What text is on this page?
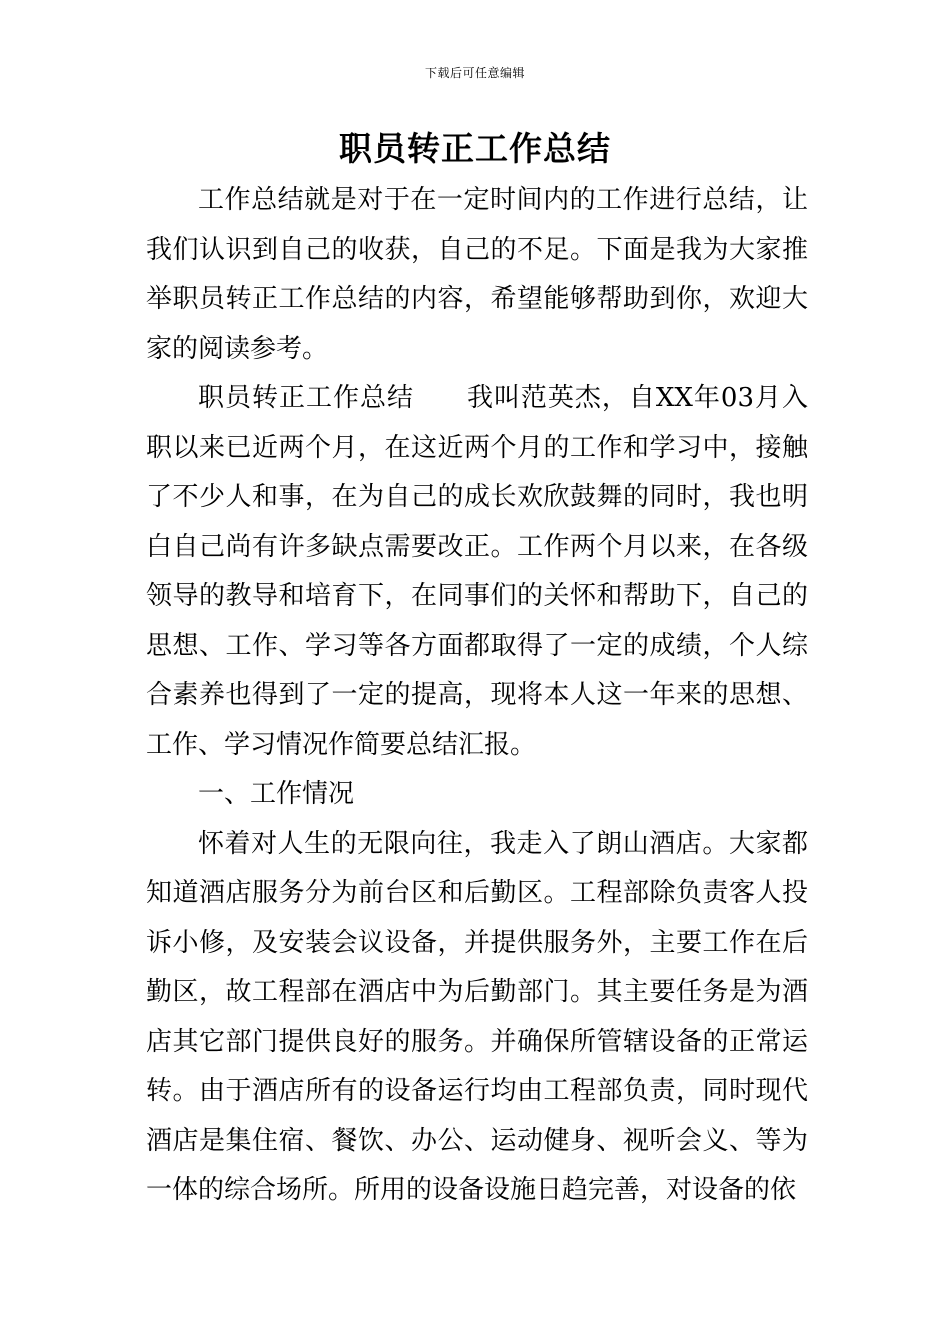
下载后可任意编辑
职员转正工作总结

工作总结就是对于在一定时间内的工作进行总结，让我们认识到自己的收获，自己的不足。下面是我为大家推举职员转正工作总结的内容，希望能够帮助到你，欢迎大家的阅读参考。

职员转正工作总结 我叫范英杰，自XX年03月入职以来已近两个月，在这近两个月的工作和学习中，接触了不少人和事，在为自己的成长欢欣鼓舞的同时，我也明白自己尚有许多缺点需要改正。工作两个月以来，在各级领导的教导和培育下，在同事们的关怀和帮助下，自己的思想、工作、学习等各方面都取得了一定的成绩，个人综合素养也得到了一定的提高，现将本人这一年来的思想、工作、学习情况作简要总结汇报。

一、工作情况

怀着对人生的无限向往，我走入了朗山酒店。大家都知道酒店服务分为前台区和后勤区。工程部除负责客人投诉小修，及安装会议设备，并提供服务外，主要工作在后勤区，故工程部在酒店中为后勤部门。其主要任务是为酒店其它部门提供良好的服务。并确保所管辖设备的正常运转。由于酒店所有的设备运行均由工程部负责，同时现代酒店是集住宿、餐饮、办公、运动健身、视听会义、等为一体的综合场所。所用的设备设施日趋完善，对设备的依
